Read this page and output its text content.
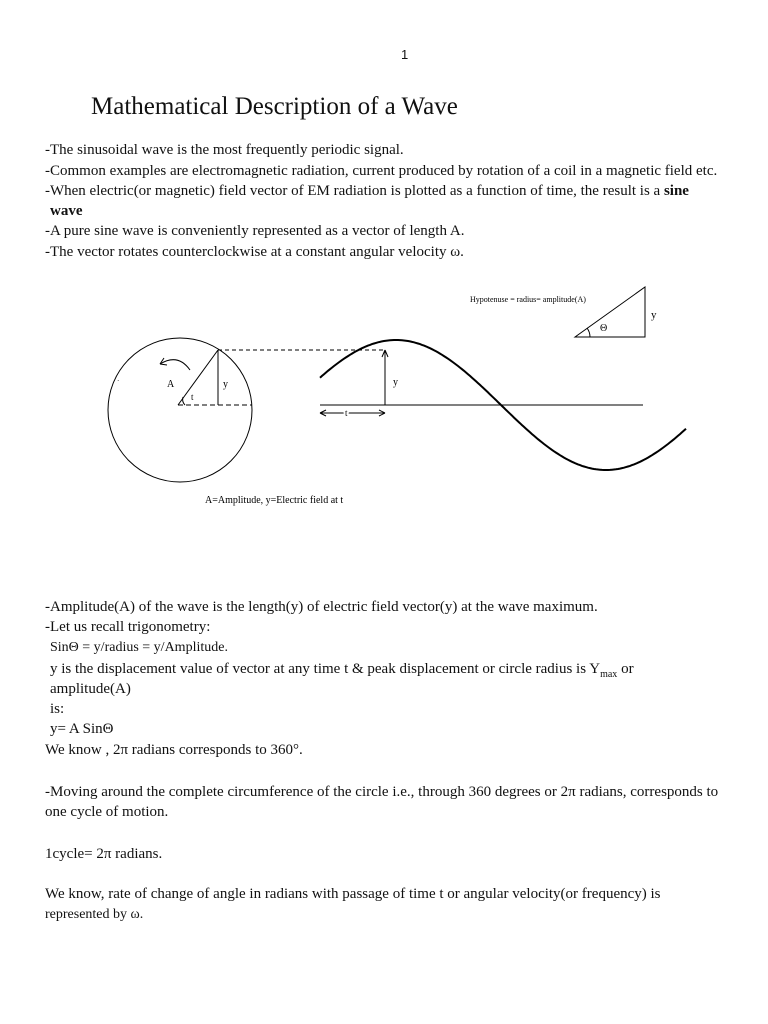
1
Mathematical Description of a Wave
-The sinusoidal wave is the most frequently periodic signal.
-Common examples are electromagnetic radiation, current produced by rotation of a coil in a magnetic field etc.
-When electric(or magnetic) field vector of EM radiation is plotted as a function of time, the result is a sine
wave
-A pure sine wave is conveniently represented as a vector of length A.
-The vector rotates counterclockwise at a constant angular velocity ω.
Hypotenuse = radius= amplitude(A)
Θ
y
A	y
t
·	y
t
A=Amplitude, y=Electric field at t
-Amplitude(A) of the wave is the length(y) of electric field vector(y) at the wave maximum.
-Let us recall trigonometry:
SinΘ = y/radius = y/Amplitude.
y is the displacement value of vector at any time t & peak displacement or circle radius is $Y_{max}$ or
amplitude(A)
is:
y= A SinΘ
We know , 2π radians corresponds to 360°.
-Moving around the complete circumference of the circle i.e., through 360 degrees or 2π radians, corresponds to
one cycle of motion.
1cycle= 2π radians.
We know, rate of change of angle in radians with passage of time t or angular velocity(or frequency) is
represented by ω.
